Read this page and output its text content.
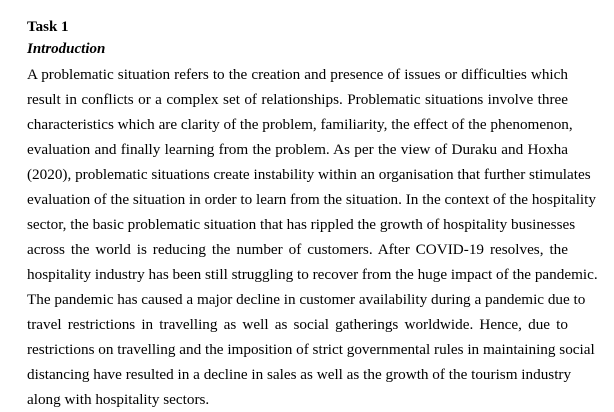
Task 1
Introduction
A problematic situation refers to the creation and presence of issues or difficulties which
result in conflicts or a complex set of relationships. Problematic situations involve three
characteristics which are clarity of the problem, familiarity, the effect of the phenomenon,
evaluation and finally learning from the problem. As per the view of Duraku and Hoxha
(2020), problematic situations create instability within an organisation that further stimulates
evaluation of the situation in order to learn from the situation. In the context of the hospitality
sector, the basic problematic situation that has rippled the growth of hospitality businesses
across the world is reducing the number of customers. After COVID-19 resolves, the
hospitality industry has been still struggling to recover from the huge impact of the pandemic.
The pandemic has caused a major decline in customer availability during a pandemic due to
travel restrictions in travelling as well as social gatherings worldwide. Hence, due to
restrictions on travelling and the imposition of strict governmental rules in maintaining social
distancing have resulted in a decline in sales as well as the growth of the tourism industry
along with hospitality sectors.
